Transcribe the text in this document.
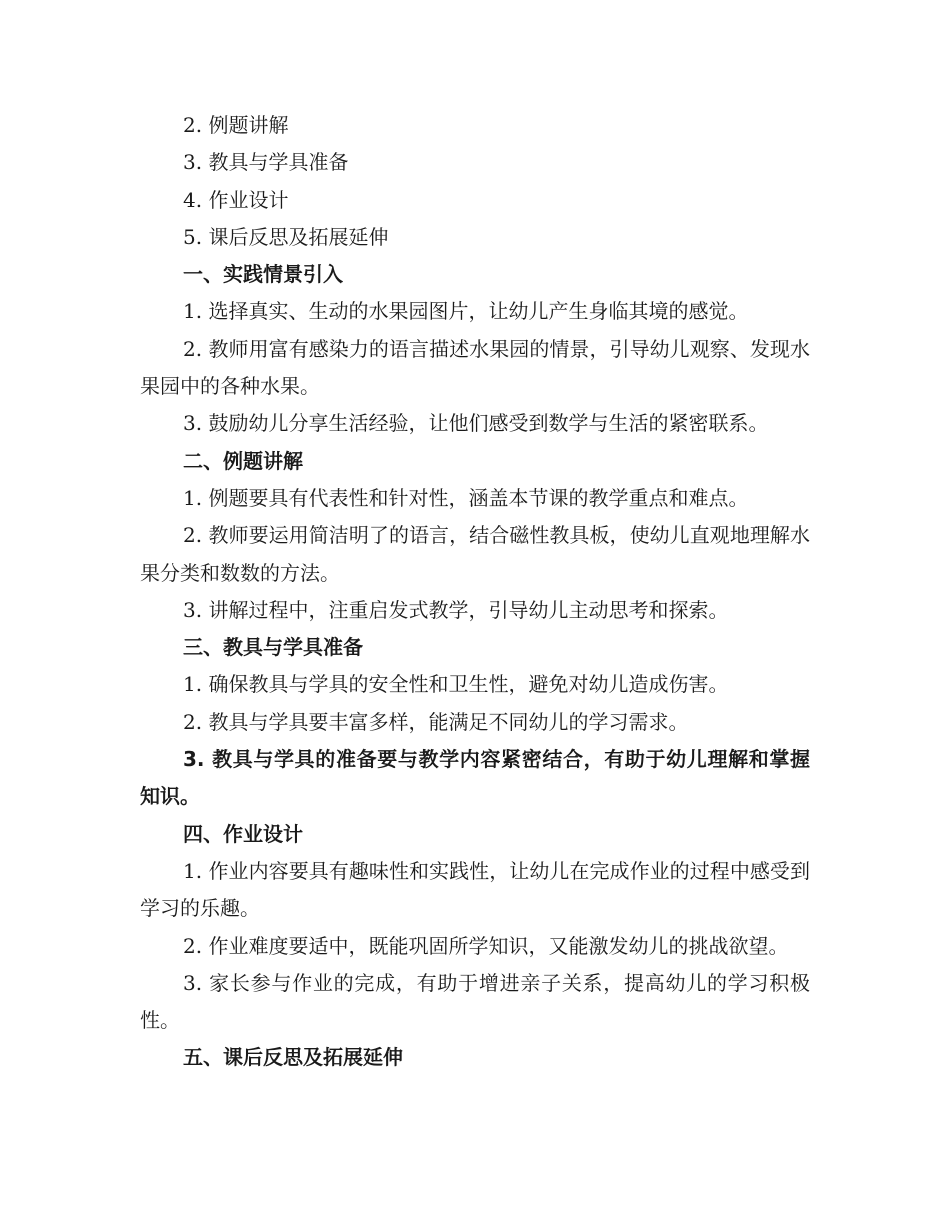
2. 例题讲解

3. 教具与学具准备

4. 作业设计

5. 课后反思及拓展延伸

一、实践情景引入

1. 选择真实、生动的水果园图片，让幼儿产生身临其境的感觉。

2. 教师用富有感染力的语言描述水果园的情景，引导幼儿观察、发现水果园中的各种水果。

3. 鼓励幼儿分享生活经验，让他们感受到数学与生活的紧密联系。

二、例题讲解

1. 例题要具有代表性和针对性，涵盖本节课的教学重点和难点。

2. 教师要运用简洁明了的语言，结合磁性教具板，使幼儿直观地理解水果分类和数数的方法。

3. 讲解过程中，注重启发式教学，引导幼儿主动思考和探索。

三、教具与学具准备

1. 确保教具与学具的安全性和卫生性，避免对幼儿造成伤害。

2. 教具与学具要丰富多样，能满足不同幼儿的学习需求。

3. 教具与学具的准备要与教学内容紧密结合，有助于幼儿理解和掌握知识。

四、作业设计

1. 作业内容要具有趣味性和实践性，让幼儿在完成作业的过程中感受到学习的乐趣。

2. 作业难度要适中，既能巩固所学知识，又能激发幼儿的挑战欲望。

3. 家长参与作业的完成，有助于增进亲子关系，提高幼儿的学习积极性。

五、课后反思及拓展延伸
